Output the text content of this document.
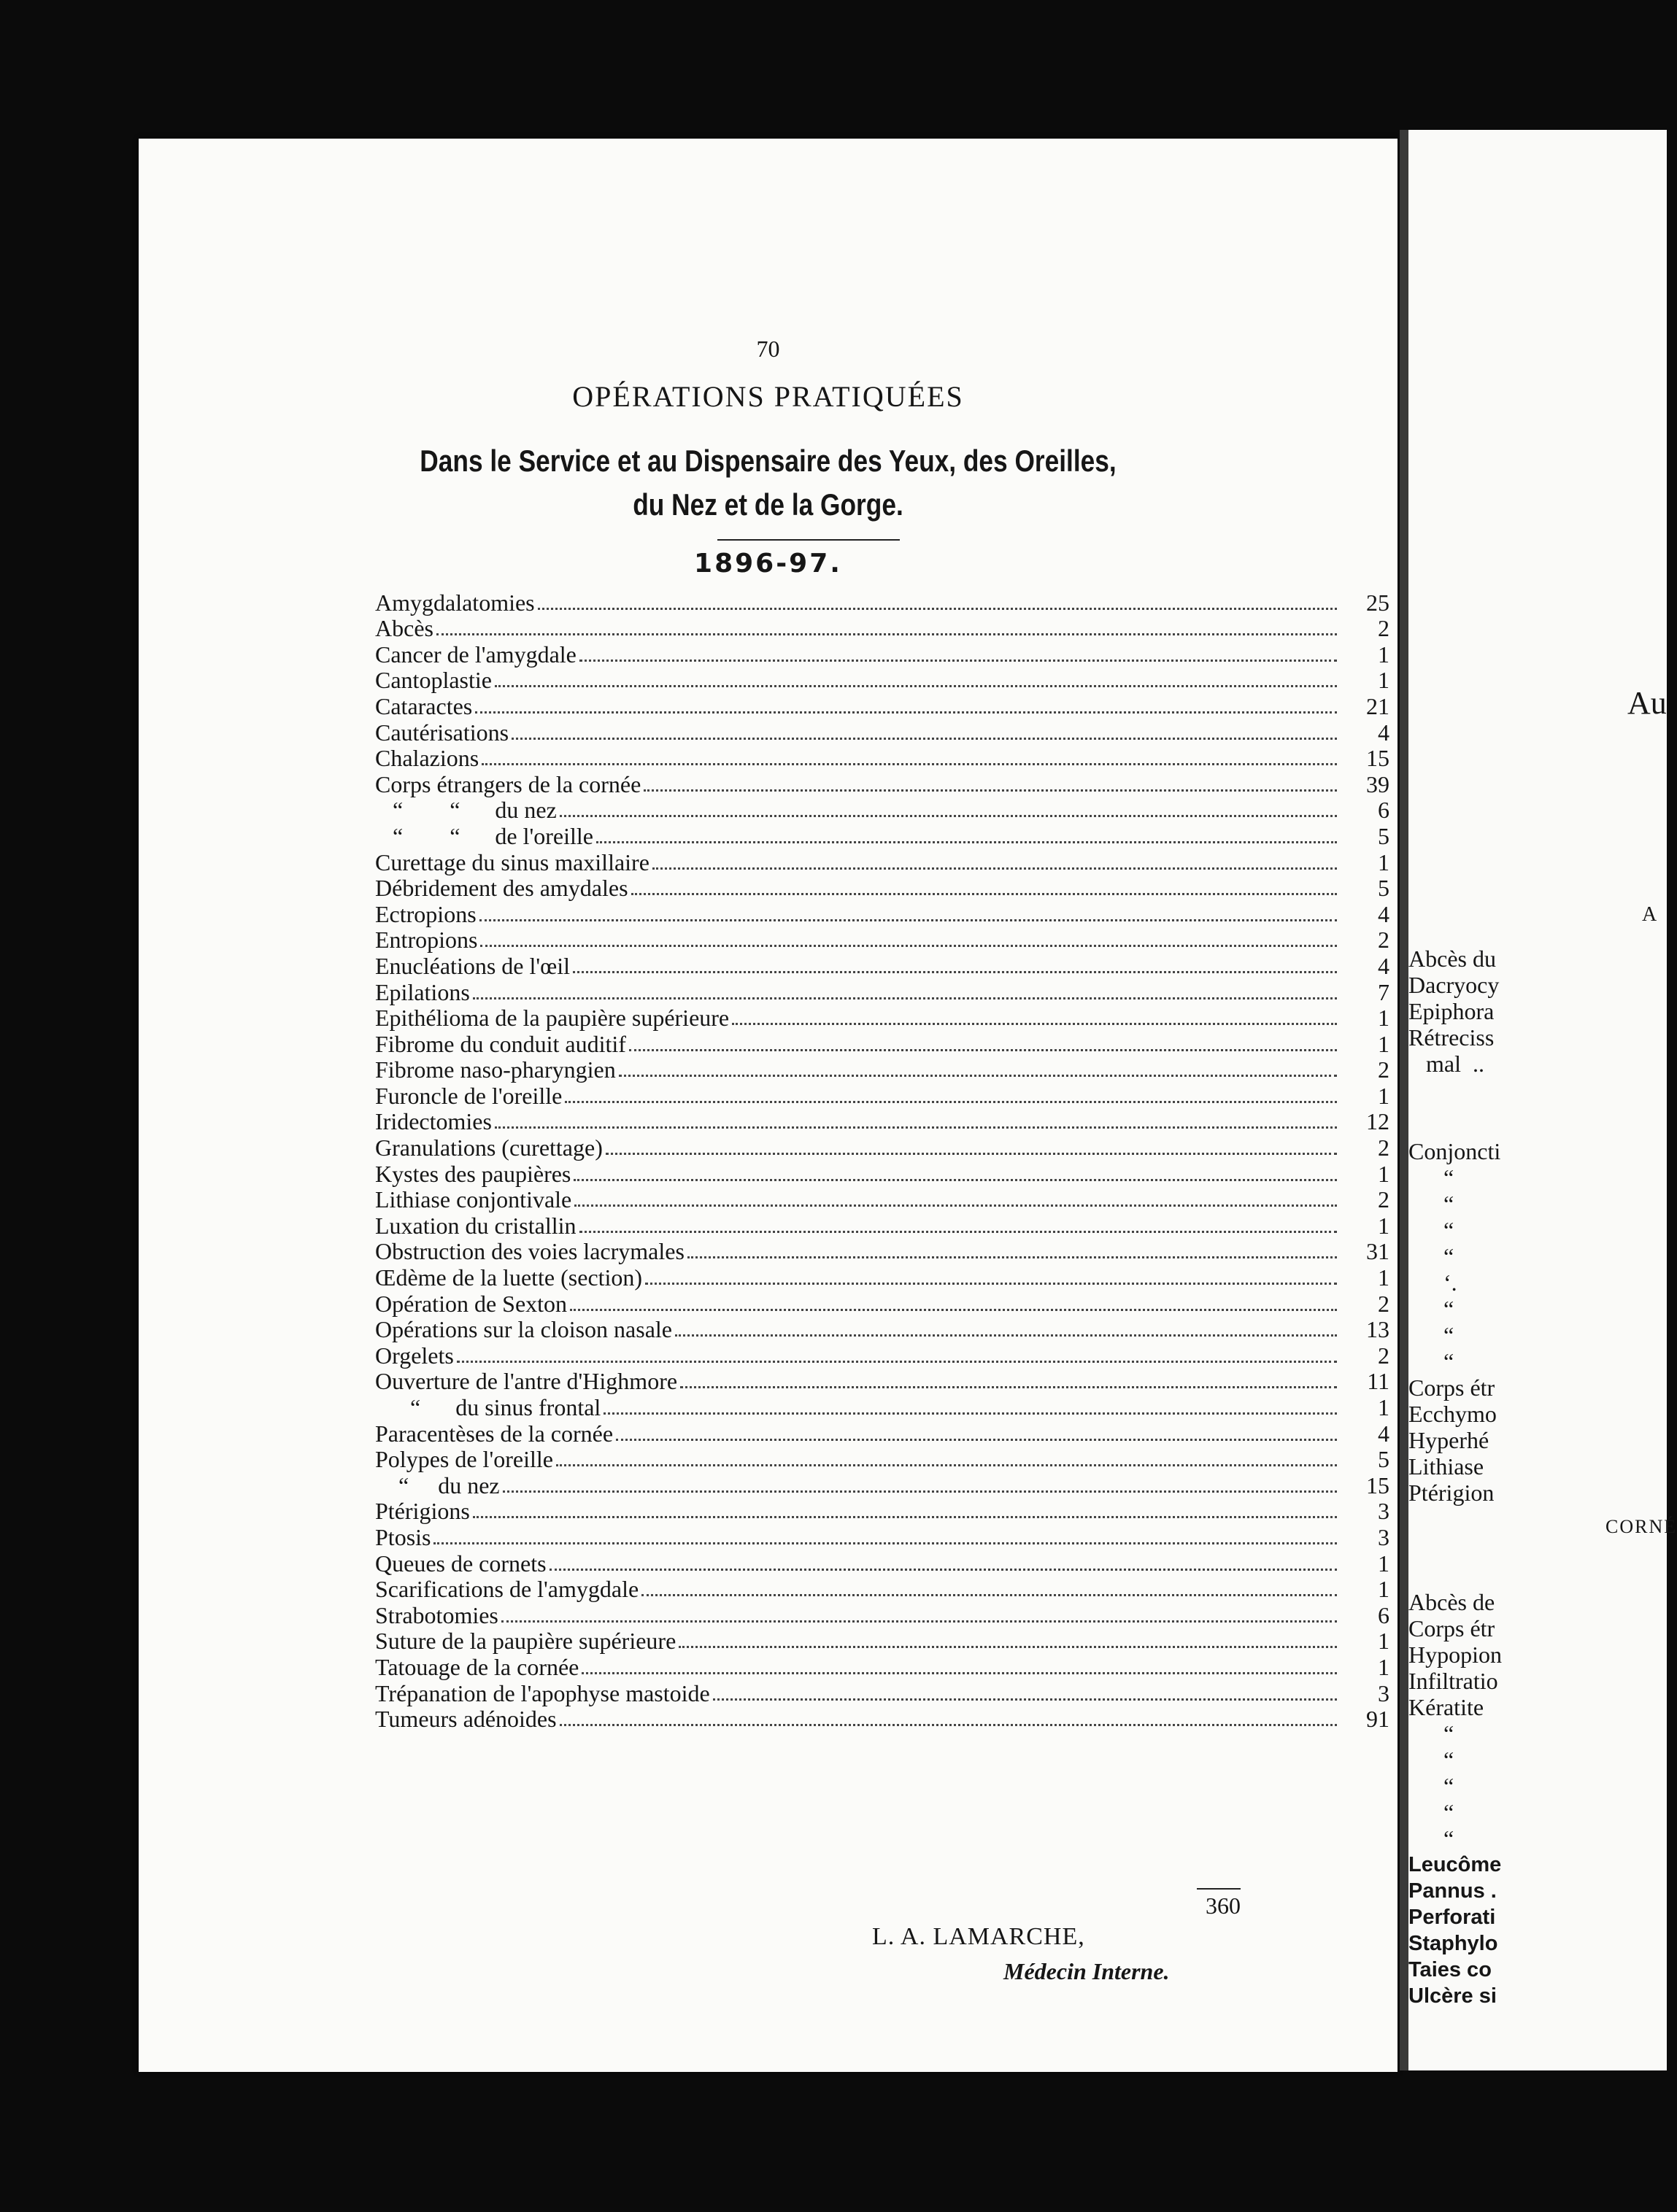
70
OPÉRATIONS PRATIQUÉES
Dans le Service et au Dispensaire des Yeux, des Oreilles,
du Nez et de la Gorge.
1896-97.
Amygdalatomies	25
Abcès	2
Cancer de l'amygdale	1
Cantoplastie	1
Cataractes	21
Cautérisations	4
Chalazions	15
Corps étrangers de la cornée	39
“        “      du nez	6
“        “      de l'oreille	5
Curettage du sinus maxillaire	1
Débridement des amydales	5
Ectropions	4
Entropions	2
Enucléations de l'œil	4
Epilations	7
Epithélioma de la paupière supérieure	1
Fibrome du conduit auditif	1
Fibrome naso-pharyngien	2
Furoncle de l'oreille	1
Iridectomies	12
Granulations (curettage)	2
Kystes des paupières	1
Lithiase conjontivale	2
Luxation du cristallin	1
Obstruction des voies lacrymales	31
Œdème de la luette (section)	1
Opération de Sexton	2
Opérations sur la cloison nasale	13
Orgelets	2
Ouverture de l'antre d'Highmore	11
“      du sinus frontal	1
Paracentèses de la cornée	4
Polypes de l'oreille	5
“     du nez	15
Ptérigions	3
Ptosis	3
Queues de cornets	1
Scarifications de l'amygdale	1
Strabotomies	6
Suture de la paupière supérieure	1
Tatouage de la cornée	1
Trépanation de l'apophyse mastoide	3
Tumeurs adénoides	91
360
L. A. LAMARCHE,
Médecin Interne.
Au
A
Abcès du
Dacryocy
Epiphora
Rétreciss
mal  ..
Conjoncti
“
“
“
“
‘.
“
“
“
Corps étr
Ecchymo
Hyperhé
Lithiase
Ptérigion
CORNÉ
Abcès de
Corps étr
Hypopion
Infiltratio
Kératite
“
“
“
“
“
Leucôme
Pannus .
Perforati
Staphylo
Taies co
Ulcère si
